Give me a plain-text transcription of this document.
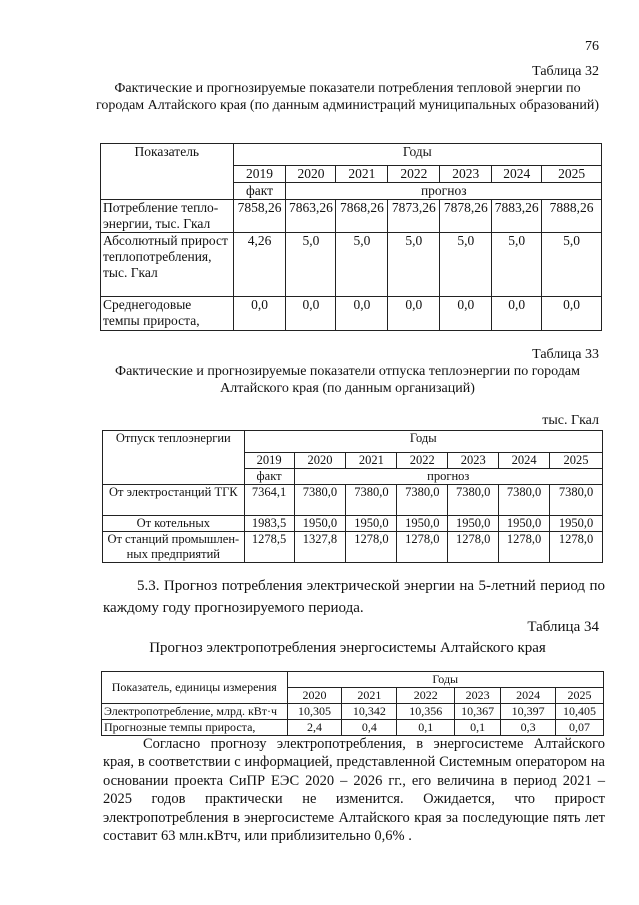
76
Таблица 32
Фактические и прогнозируемые показатели потребления тепловой энергии по городам Алтайского края (по данным администраций муниципальных образований)
Показатель	Годы						
	2019	2020	2021	2022	2023	2024	2025
	факт	прогноз					
Потребление тепло-энергии, тыс. Гкал	7858,26	7863,26	7868,26	7873,26	7878,26	7883,26	7888,26
Абсолютный прирост теплопотребления, тыс. Гкал	4,26	5,0	5,0	5,0	5,0	5,0	5,0
Среднегодовые темпы прироста,	0,0	0,0	0,0	0,0	0,0	0,0	0,0
Таблица 33
Фактические и прогнозируемые показатели отпуска теплоэнергии по городам Алтайского края (по данным организаций)
тыс. Гкал
Отпуск теплоэнергии	Годы						
	2019	2020	2021	2022	2023	2024	2025
	факт	прогноз					
От электростанций ТГК	7364,1	7380,0	7380,0	7380,0	7380,0	7380,0	7380,0
От котельных	1983,5	1950,0	1950,0	1950,0	1950,0	1950,0	1950,0
От станций промышлен-ных предприятий	1278,5	1327,8	1278,0	1278,0	1278,0	1278,0	1278,0
5.3. Прогноз потребления электрической энергии на 5-летний период по каждому году прогнозируемого периода.
Таблица 34
Прогноз электропотребления энергосистемы Алтайского края
Показатель, единицы измерения	Годы					
	2020	2021	2022	2023	2024	2025
Электропотребление, млрд. кВт·ч	10,305	10,342	10,356	10,367	10,397	10,405
Прогнозные темпы прироста,	2,4	0,4	0,1	0,1	0,3	0,07
Согласно прогнозу электропотребления, в энергосистеме Алтайского края, в соответствии с информацией, представленной Системным оператором на основании проекта СиПР ЕЭС 2020 – 2026 гг., его величина в период 2021 – 2025 годов практически не изменится. Ожидается, что прирост электропотребления в энергосистеме Алтайского края за последующие пять лет составит 63 млн.кВтч, или приблизительно 0,6% .
